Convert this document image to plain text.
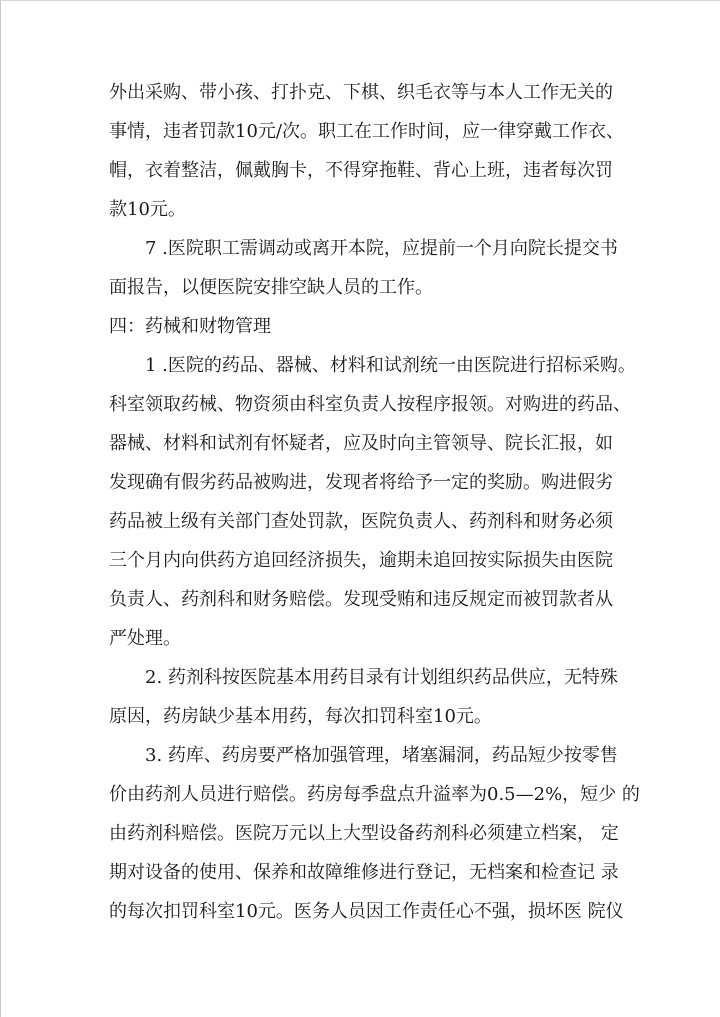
外出采购、带小孩、打扑克、下棋、织毛衣等与本人工作无关的
事情，违者罚款10元/次。职工在工作时间，应一律穿戴工作衣、
帽，衣着整洁，佩戴胸卡，不得穿拖鞋、背心上班，违者每次罚
款10元。
7 .医院职工需调动或离开本院，应提前一个月向院长提交书
面报告，以便医院安排空缺人员的工作。
四：药械和财物管理
1 .医院的药品、器械、材料和试剂统一由医院进行招标采购。
科室领取药械、物资须由科室负责人按程序报领。对购进的药品、
器械、材料和试剂有怀疑者，应及时向主管领导、院长汇报，如
发现确有假劣药品被购进，发现者将给予一定的奖励。购进假劣
药品被上级有关部门查处罚款，医院负责人、药剂科和财务必须
三个月内向供药方追回经济损失，逾期未追回按实际损失由医院
负责人、药剂科和财务赔偿。发现受贿和违反规定而被罚款者从
严处理。
2. 药剂科按医院基本用药目录有计划组织药品供应，无特殊
原因，药房缺少基本用药，每次扣罚科室10元。
3. 药库、药房要严格加强管理，堵塞漏洞，药品短少按零售
价由药剂人员进行赔偿。药房每季盘点升溢率为0.5—2%，短少 的
由药剂科赔偿。医院万元以上大型设备药剂科必须建立档案， 定
期对设备的使用、保养和故障维修进行登记，无档案和检查记 录
的每次扣罚科室10元。医务人员因工作责任心不强，损坏医 院仪
